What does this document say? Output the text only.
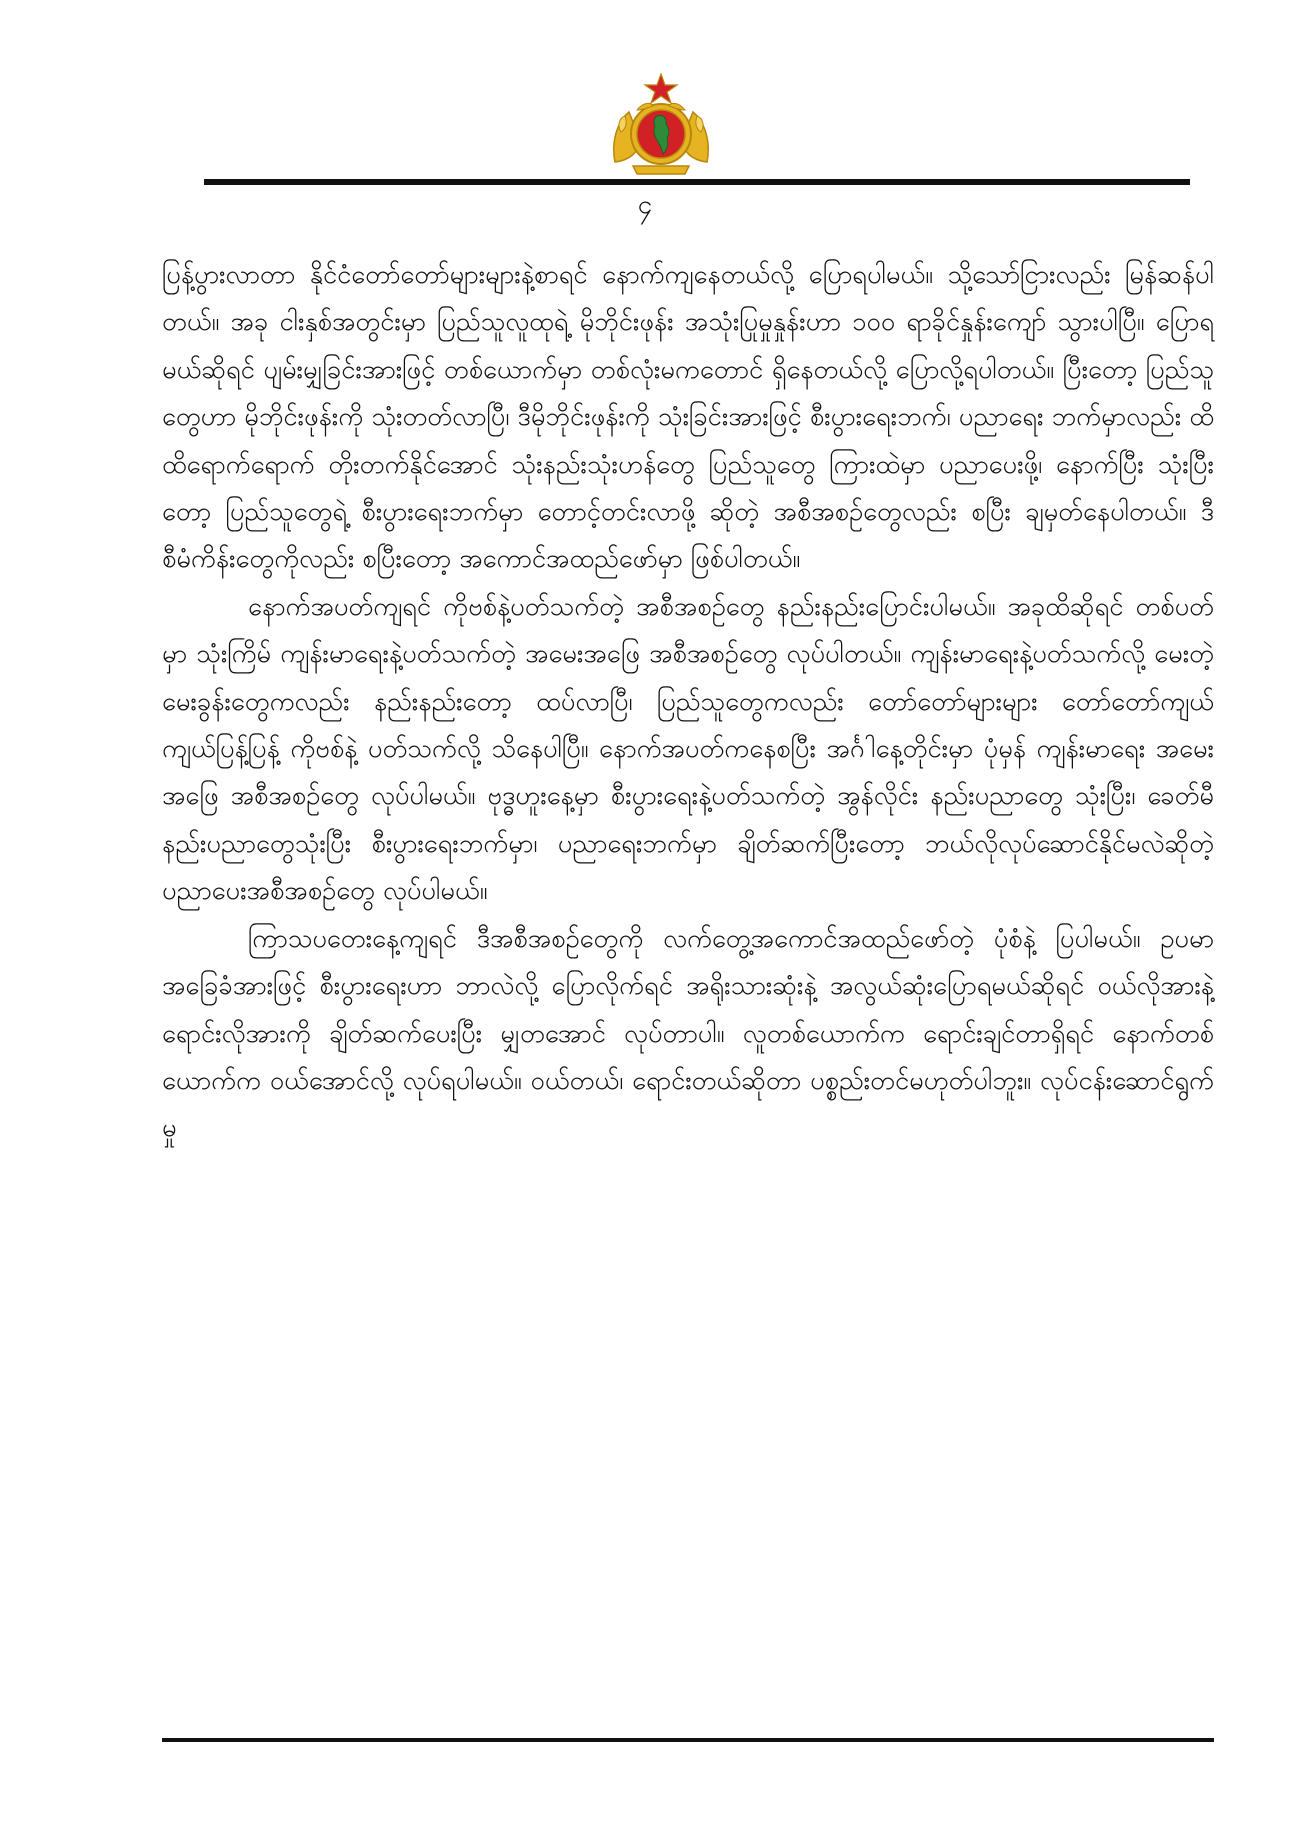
၄

ပြန့်ပွားလာတာ နိုင်ငံတော်တော်များများနဲ့စာရင် နောက်ကျနေတယ်လို့ ပြောရပါမယ်။ သို့သော်ငြားလည်း မြန်ဆန်ပါတယ်။ အခု ငါးနှစ်အတွင်းမှာ ပြည်သူလူထုရဲ့ မိုဘိုင်းဖုန်း အသုံးပြုမှုနှုန်းဟာ ၁၀၀ ရာခိုင်နှုန်းကျော် သွားပါပြီ။ ပြောရမယ်ဆိုရင် ပျမ်းမျှခြင်းအားဖြင့် တစ်ယောက်မှာ တစ်လုံးမကတောင် ရှိနေတယ်လို့ ပြောလို့ရပါတယ်။ ပြီးတော့ ပြည်သူတွေဟာ မိုဘိုင်းဖုန်းကို သုံးတတ်လာပြီ၊ ဒီမိုဘိုင်းဖုန်းကို သုံးခြင်းအားဖြင့် စီးပွားရေးဘက်၊ ပညာရေး ဘက်မှာလည်း ထိထိရောက်ရောက် တိုးတက်နိုင်အောင် သုံးနည်းသုံးဟန်တွေ ပြည်သူတွေ ကြားထဲမှာ ပညာပေးဖို့၊ နောက်ပြီး သုံးပြီးတော့ ပြည်သူတွေရဲ့ စီးပွားရေးဘက်မှာ တောင့်တင်းလာဖို့ ဆိုတဲ့ အစီအစဉ်တွေလည်း စပြီး ချမှတ်နေပါတယ်။ ဒီစီမံကိန်းတွေကိုလည်း စပြီးတော့ အကောင်အထည်ဖော်မှာ ဖြစ်ပါတယ်။

နောက်အပတ်ကျရင် ကိုဗစ်နဲ့ပတ်သက်တဲ့ အစီအစဉ်တွေ နည်းနည်းပြောင်းပါမယ်။ အခုထိဆိုရင် တစ်ပတ်မှာ သုံးကြိမ် ကျန်းမာရေးနဲ့ပတ်သက်တဲ့ အမေးအဖြေ အစီအစဉ်တွေ လုပ်ပါတယ်။ ကျန်းမာရေးနဲ့ပတ်သက်လို့ မေးတဲ့မေးခွန်းတွေကလည်း နည်းနည်းတော့ ထပ်လာပြီ၊ ပြည်သူတွေကလည်း တော်တော်များများ တော်တော်ကျယ်ကျယ်ပြန့်ပြန့် ကိုဗစ်နဲ့ ပတ်သက်လို့ သိနေပါပြီ။ နောက်အပတ်ကနေစပြီး အင်္ဂါနေ့တိုင်းမှာ ပုံမှန် ကျန်းမာရေး အမေးအဖြေ အစီအစဉ်တွေ လုပ်ပါမယ်။ ဗုဒ္ဓဟူးနေ့မှာ စီးပွားရေးနဲ့ပတ်သက်တဲ့ အွန်လိုင်း နည်းပညာတွေ သုံးပြီး၊ ခေတ်မီနည်းပညာတွေသုံးပြီး စီးပွားရေးဘက်မှာ၊ ပညာရေးဘက်မှာ ချိတ်ဆက်ပြီးတော့ ဘယ်လိုလုပ်ဆောင်နိုင်မလဲဆိုတဲ့ ပညာပေးအစီအစဉ်တွေ လုပ်ပါမယ်။

ကြာသပတေးနေ့ကျရင် ဒီအစီအစဉ်တွေကို လက်တွေ့အကောင်အထည်ဖော်တဲ့ ပုံစံနဲ့ ပြပါမယ်။ ဥပမာ အခြေခံအားဖြင့် စီးပွားရေးဟာ ဘာလဲလို့ ပြောလိုက်ရင် အရိုးသားဆုံးနဲ့ အလွယ်ဆုံးပြောရမယ်ဆိုရင် ဝယ်လိုအားနဲ့ ရောင်းလိုအားကို ချိတ်ဆက်ပေးပြီး မျှတအောင် လုပ်တာပါ။ လူတစ်ယောက်က ရောင်းချင်တာရှိရင် နောက်တစ်ယောက်က ဝယ်အောင်လို့ လုပ်ရပါမယ်။ ဝယ်တယ်၊ ရောင်းတယ်ဆိုတာ ပစ္စည်းတင်မဟုတ်ပါဘူး။ လုပ်ငန်းဆောင်ရွက်မှု
